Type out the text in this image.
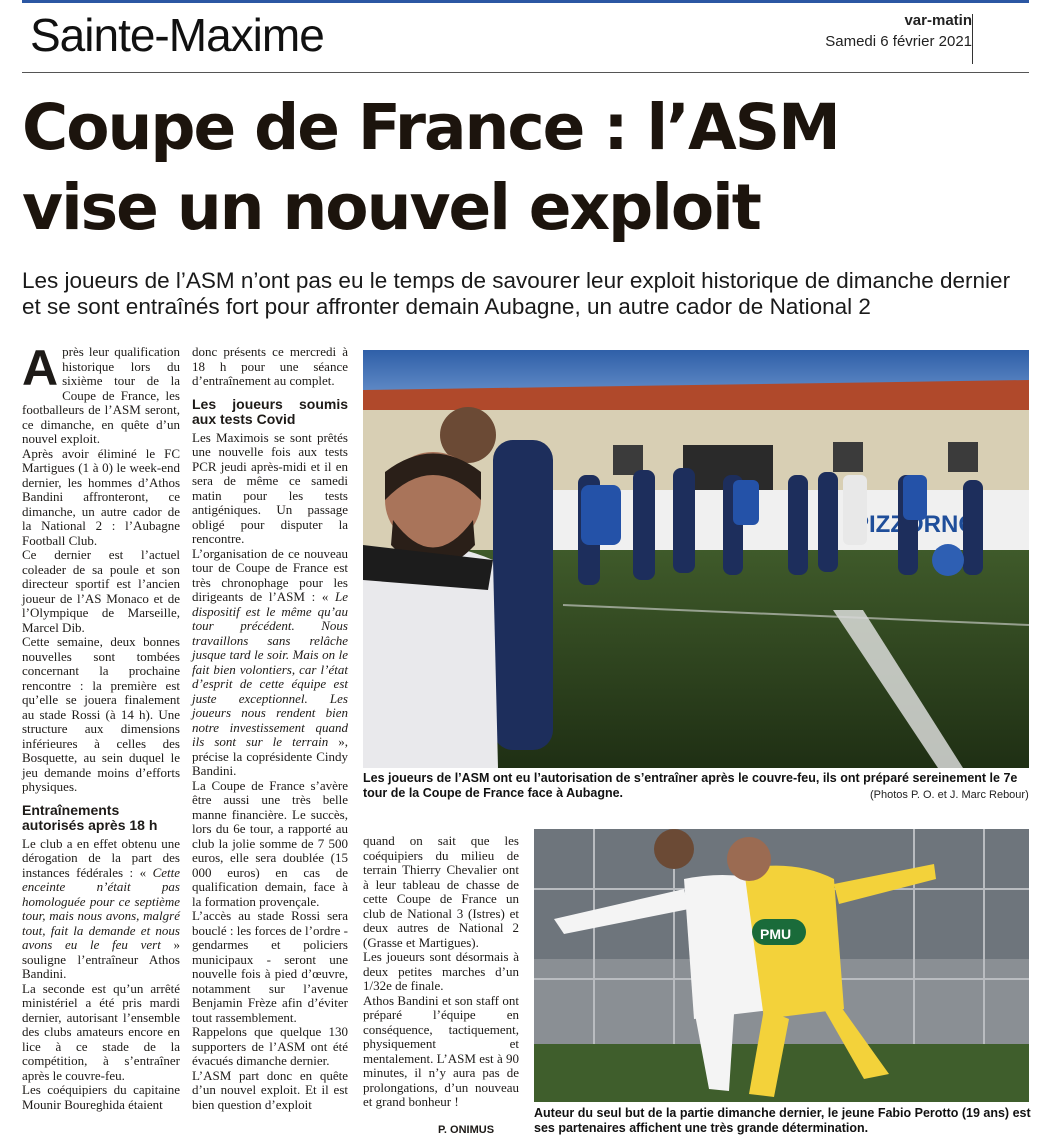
Sainte-Maxime	var-matin
Samedi 6 février 2021
Coupe de France : l’ASM
vise un nouvel exploit
Les joueurs de l’ASM n’ont pas eu le temps de savourer leur exploit historique de dimanche dernier et se sont entraînés fort pour affronter demain Aubagne, un autre cador de National 2

Après leur qualification historique lors du sixième tour de la Coupe de France, les footballeurs de l’ASM seront, ce dimanche, en quête d’un nouvel exploit.

Après avoir éliminé le FC Martigues (1 à 0) le week-end dernier, les hommes d’Athos Bandini affronteront, ce dimanche, un autre cador de la National 2 : l’Aubagne Football Club.

Ce dernier est l’actuel coleader de sa poule et son directeur sportif est l’ancien joueur de l’AS Monaco et de l’Olympique de Marseille, Marcel Dib.

Cette semaine, deux bonnes nouvelles sont tombées concernant la prochaine rencontre : la première est qu’elle se jouera finalement au stade Rossi (à 14 h). Une structure aux dimensions inférieures à celles des Bosquette, au sein duquel le jeu demande moins d’efforts physiques.

Entraînements autorisés après 18 h

Le club a en effet obtenu une dérogation de la part des instances fédérales : « Cette enceinte n’était pas homologuée pour ce septième tour, mais nous avons, malgré tout, fait la demande et nous avons eu le feu vert » souligne l’entraîneur Athos Bandini.

La seconde est qu’un arrêté ministériel a été pris mardi dernier, autorisant l’ensemble des clubs amateurs encore en lice à ce stade de la compétition, à s’entraîner après le couvre-feu.

Les coéquipiers du capitaine Mounir Boureghida étaient

donc présents ce mercredi à 18 h pour une séance d’entraînement au complet.

Les joueurs soumis aux tests Covid

Les Maximois se sont prêtés une nouvelle fois aux tests PCR jeudi après-midi et il en sera de même ce samedi matin pour les tests antigéniques. Un passage obligé pour disputer la rencontre.

L’organisation de ce nouveau tour de Coupe de France est très chronophage pour les dirigeants de l’ASM : « Le dispositif est le même qu’au tour précédent. Nous travaillons sans relâche jusque tard le soir. Mais on le fait bien volontiers, car l’état d’esprit de cette équipe est juste exceptionnel. Les joueurs nous rendent bien notre investissement quand ils sont sur le terrain », précise la coprésidente Cindy Bandini.

La Coupe de France s’avère être aussi une très belle manne financière. Le succès, lors du 6e tour, a rapporté au club la jolie somme de 7 500 euros, elle sera doublée (15 000 euros) en cas de qualification demain, face à la formation provençale.

L’accès au stade Rossi sera bouclé : les forces de l’ordre - gendarmes et policiers municipaux - seront une nouvelle fois à pied d’œuvre, notamment sur l’avenue Benjamin Frèze afin d’éviter tout rassemblement.

Rappelons que quelque 130 supporters de l’ASM ont été évacués dimanche dernier.

L’ASM part donc en quête d’un nouvel exploit. Et il est bien question d’exploit

Les joueurs de l’ASM ont eu l’autorisation de s’entraîner après le couvre-feu, ils ont préparé sereinement le 7e tour de la Coupe de France face à Aubagne.	(Photos P. O. et J. Marc Rebour)

quand on sait que les coéquipiers du milieu de terrain Thierry Chevalier ont à leur tableau de chasse de cette Coupe de France un club de National 3 (Istres) et deux autres de National 2 (Grasse et Martigues).

Les joueurs sont désormais à deux petites marches d’un 1/32e de finale.

Athos Bandini et son staff ont préparé l’équipe en conséquence, tactiquement, physiquement et mentalement. L’ASM est à 90 minutes, il n’y aura pas de prolongations, d’un nouveau et grand bonheur !

P. ONIMUS
PMU
Auteur du seul but de la partie dimanche dernier, le jeune Fabio Perotto (19 ans) est ses partenaires affichent une très grande détermination.
